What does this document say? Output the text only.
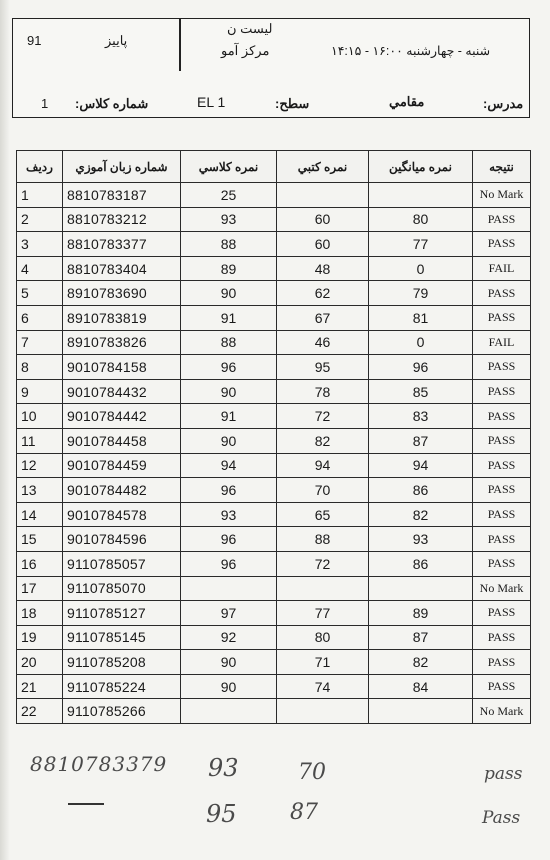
91	پاییز
لیست ن
مرکز آمو	شنبه - چهارشنبه ۱۶:۰۰ - ۱۴:۱۵
1 شماره کلاس:	EL 1	سطح:	مقامي	مدرس:
ردیف	شماره زبان آموزي	نمره كلاسي	نمره كتبي	نمره ميانگين	نتيجه
1	8810783187	25			No Mark
2	8810783212	93	60	80	PASS
3	8810783377	88	60	77	PASS
4	8810783404	89	48	0	FAIL
5	8910783690	90	62	79	PASS
6	8910783819	91	67	81	PASS
7	8910783826	88	46	0	FAIL
8	9010784158	96	95	96	PASS
9	9010784432	90	78	85	PASS
10	9010784442	91	72	83	PASS
11	9010784458	90	82	87	PASS
12	9010784459	94	94	94	PASS
13	9010784482	96	70	86	PASS
14	9010784578	93	65	82	PASS
15	9010784596	96	88	93	PASS
16	9110785057	96	72	86	PASS
17	9110785070				No Mark
18	9110785127	97	77	89	PASS
19	9110785145	92	80	87	PASS
20	9110785208	90	71	82	PASS
21	9110785224	90	74	84	PASS
22	9110785266				No Mark
8810783379 93	70	pass
95 87	Pass
